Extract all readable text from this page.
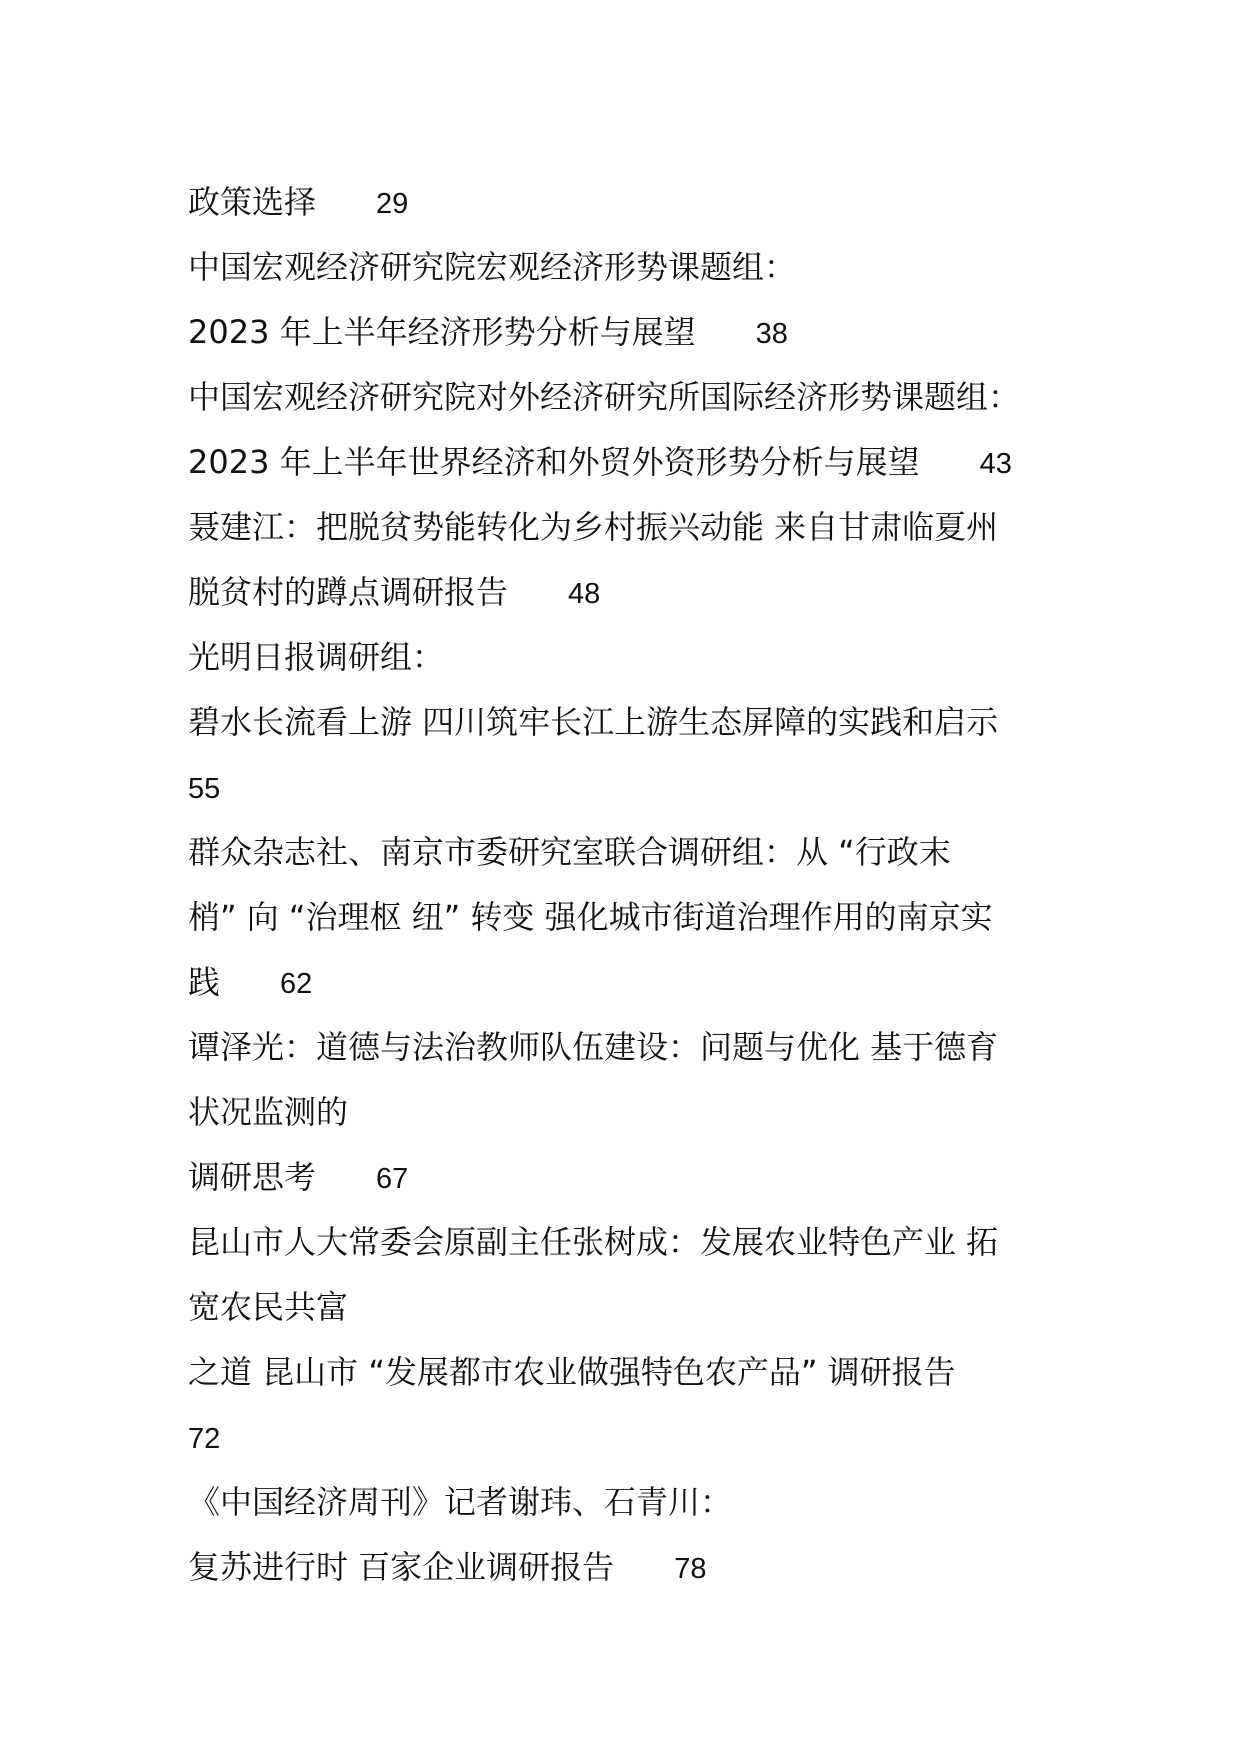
政策选择 29
中国宏观经济研究院宏观经济形势课题组：
2023 年上半年经济形势分析与展望 38
中国宏观经济研究院对外经济研究所国际经济形势课题组：
2023 年上半年世界经济和外贸外资形势分析与展望 43
聂建江：把脱贫势能转化为乡村振兴动能 来自甘肃临夏州
脱贫村的蹲点调研报告 48
光明日报调研组：
碧水长流看上游 四川筑牢长江上游生态屏障的实践和启示
55
群众杂志社、南京市委研究室联合调研组：从 “行政末
梢” 向 “治理枢 纽” 转变 强化城市街道治理作用的南京实
践 62
谭泽光：道德与法治教师队伍建设：问题与优化 基于德育
状况监测的
调研思考 67
昆山市人大常委会原副主任张树成：发展农业特色产业 拓
宽农民共富
之道 昆山市 “发展都市农业做强特色农产品” 调研报告
72
《中国经济周刊》记者谢玮、石青川：
复苏进行时 百家企业调研报告 78
